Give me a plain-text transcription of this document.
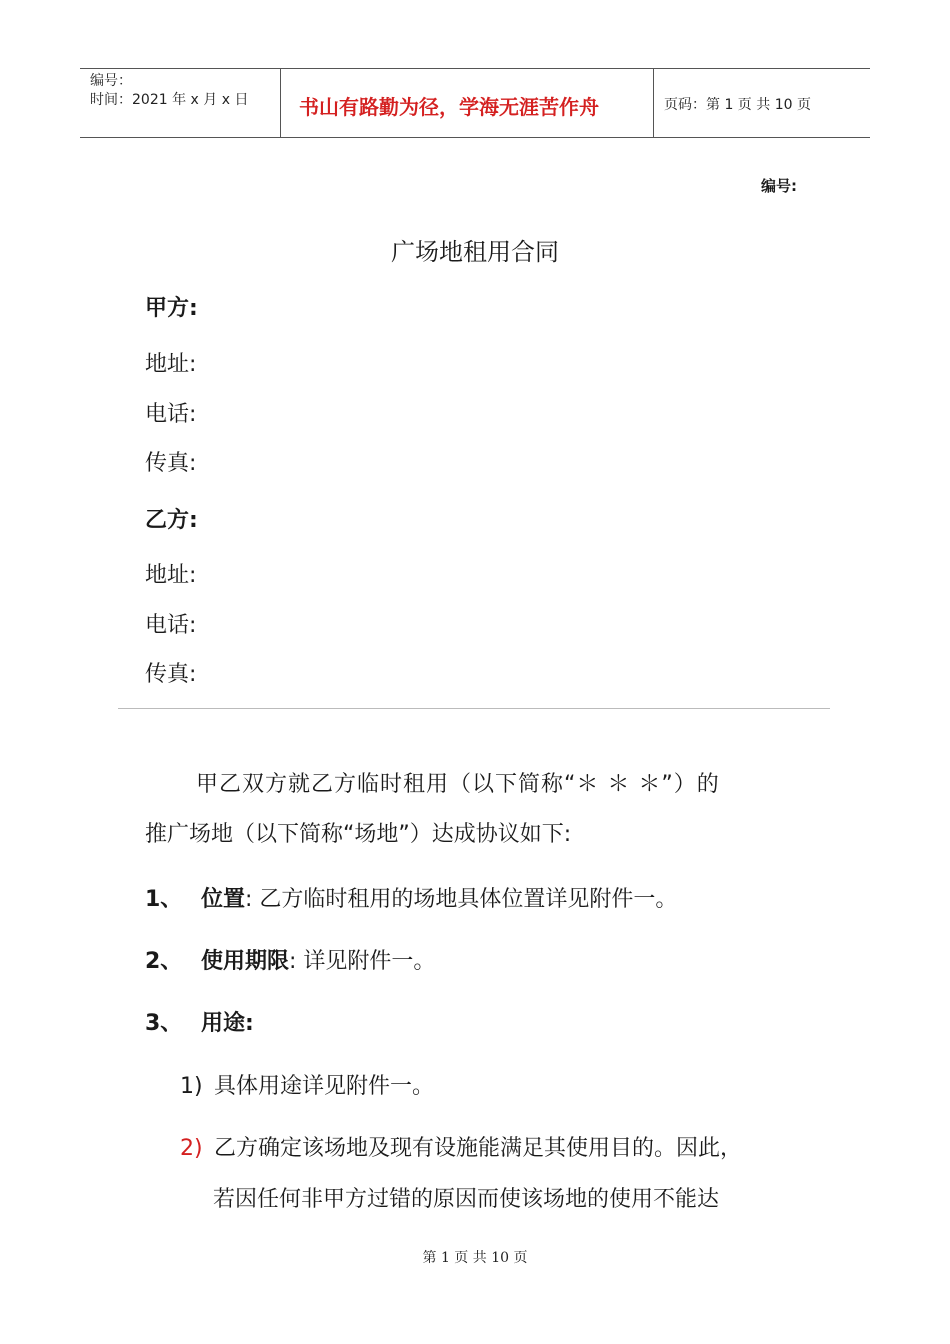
编号：
时间：2021 年 x 月 x 日	书山有路勤为径，学海无涯苦作舟	页码：第 1 页 共 10 页
编号:
广场地租用合同
甲方:
地址:
电话:
传真:
乙方:
地址:
电话:
传真:
甲乙双方就乙方临时租用（以下简称“＊ ＊ ＊”）的
推广场地（以下简称“场地”）达成协议如下:
1、 位置: 乙方临时租用的场地具体位置详见附件一。
2、 使用期限: 详见附件一。
3、 用途:
1) 具体用途详见附件一。
2) 乙方确定该场地及现有设施能满足其使用目的。因此，
若因任何非甲方过错的原因而使该场地的使用不能达
第 1 页 共 10 页
